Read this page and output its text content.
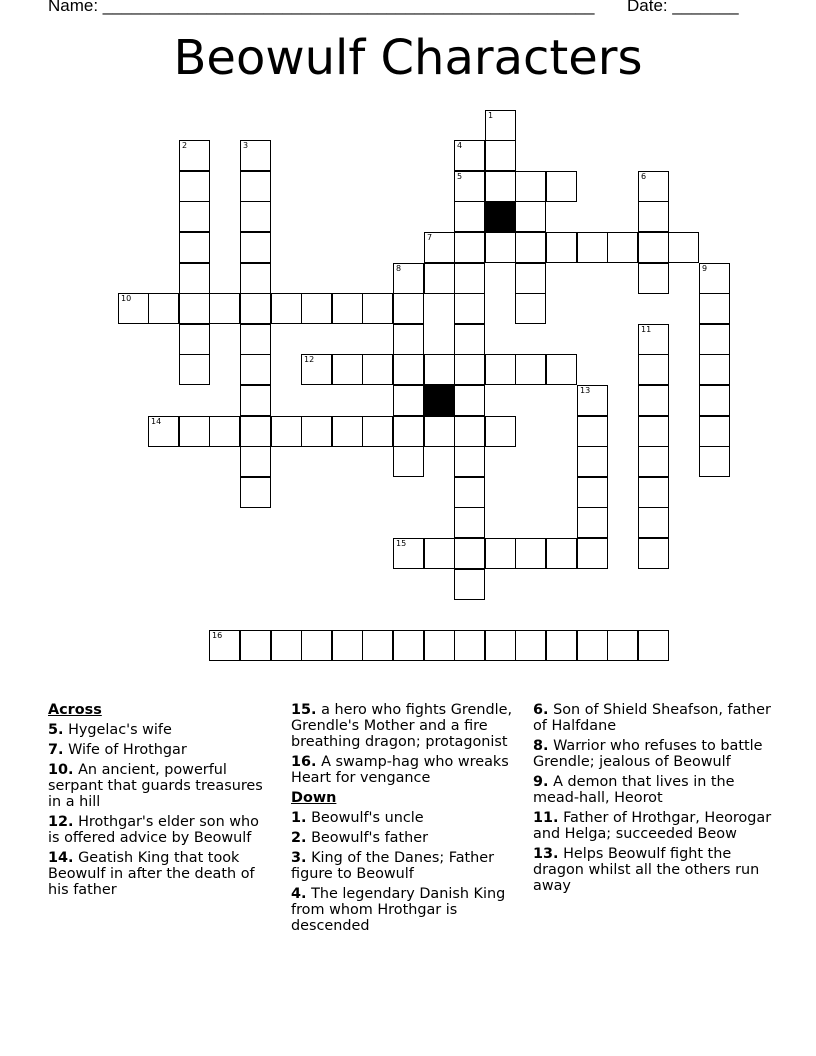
Name: ____________________________________________________ Date: _______
Beowulf Characters
1
2	3	4
5	6
7
8	9
10
11
12
13
14
15
16
Across
5. Hygelac's wife
7. Wife of Hrothgar
10. An ancient, powerful serpant that guards treasures in a hill
12. Hrothgar's elder son who is offered advice by Beowulf
14. Geatish King that took Beowulf in after the death of his father
15. a hero who fights Grendle, Grendle's Mother and a fire breathing dragon; protagonist
16. A swamp-hag who wreaks Heart for vengance
Down
1. Beowulf's uncle
2. Beowulf's father
3. King of the Danes; Father figure to Beowulf
4. The legendary Danish King from whom Hrothgar is descended
6. Son of Shield Sheafson, father of Halfdane
8. Warrior who refuses to battle Grendle; jealous of Beowulf
9. A demon that lives in the mead-hall, Heorot
11. Father of Hrothgar, Heorogar and Helga; succeeded Beow
13. Helps Beowulf fight the dragon whilst all the others run away
